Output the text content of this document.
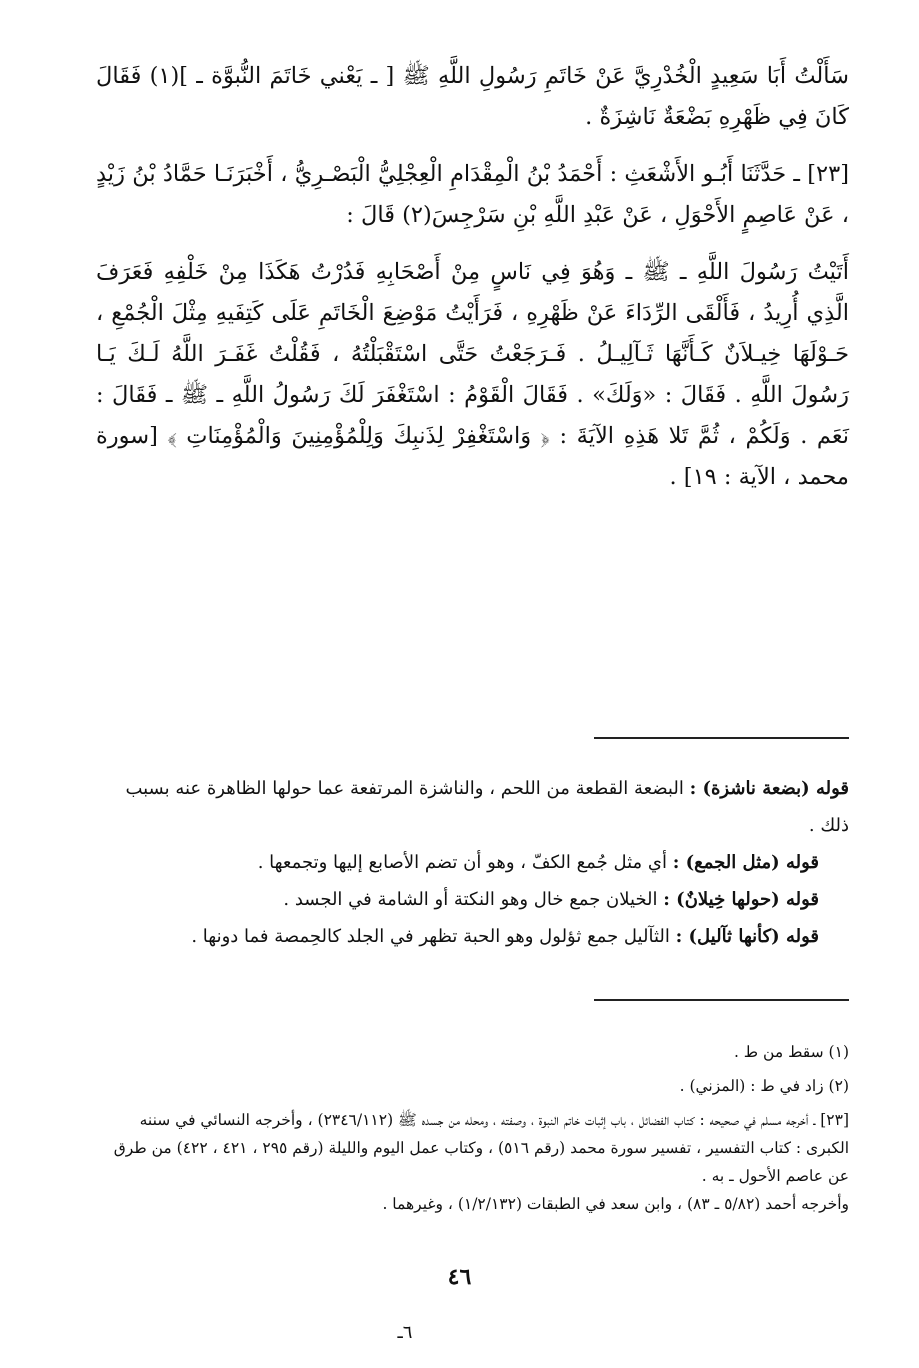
سَأَلْتُ أَبَا سَعِيدٍ الْخُدْرِيَّ عَنْ خَاتَمِ رَسُولِ اللَّهِ ﷺ [ ـ يَعْني خَاتَمَ النُّبوَّة ـ ](١) فَقَالَ كَانَ فِي ظَهْرِهِ بَضْعَةٌ نَاشِزَةٌ .

[٢٣] ـ حَدَّثَنَا أَبُـو الأَشْعَثِ : أَحْمَدُ بْنُ الْمِقْدَامِ الْعِجْلِيُّ الْبَصْـرِيُّ ، أَخْبَرَنَـا حَمَّادُ بْنُ زَيْدٍ ، عَنْ عَاصِمٍ الأَحْوَلِ ، عَنْ عَبْدِ اللَّهِ بْنِ سَرْجِسَ(٢) قَالَ :

أَتَيْتُ رَسُولَ اللَّهِ ـ ﷺ ـ وَهُوَ فِي نَاسٍ مِنْ أَصْحَابِهِ فَدُرْتُ هَكَذَا مِنْ خَلْفِهِ فَعَرَفَ الَّذِي أُرِيدُ ، فَأَلْقَى الرِّدَاءَ عَنْ ظَهْرِهِ ، فَرَأَيْتُ مَوْضِعَ الْخَاتَمِ عَلَى كَتِفَيهِ مِثْلَ الْجُمْعِ ، حَـوْلَهَا خِيـلاَنٌ كَـأَنَّهَا ثَـآلِيـلُ . فَـرَجَعْتُ حَتَّى اسْتَقْبَلْتُهُ ، فَقُلْتُ غَفَـرَ اللَّهُ لَـكَ يَـا رَسُولَ اللَّهِ . فَقَالَ : «وَلَكَ» . فَقَالَ الْقَوْمُ : اسْتَغْفَرَ لَكَ رَسُولُ اللَّهِ ـ ﷺ ـ فَقَالَ : نَعَم . وَلَكُمْ ، ثُمَّ تَلا هَذِهِ الآيَةَ : ﴿ وَاسْتَغْفِرْ لِذَنبِكَ وَلِلْمُؤْمِنِينَ وَالْمُؤْمِنَاتِ ﴾ [سورة محمد ، الآية : ١٩] .

قوله (بضعة ناشزة) : البضعة القطعة من اللحم ، والناشزة المرتفعة عما حولها الظاهرة عنه بسبب ذلك .

قوله (مثل الجمع) : أي مثل جُمع الكفّ ، وهو أن تضم الأصابع إليها وتجمعها .

قوله (حولها خِيلانٌ) : الخيلان جمع خال وهو النكتة أو الشامة في الجسد .

قوله (كأنها ثآليل) : الثآليل جمع ثؤلول وهو الحبة تظهر في الجلد كالحِمصة فما دونها .

(١) سقط من ط .

(٢) زاد في ط : (المزني) .

[٢٣] ـ أخرجه مسلم في صحيحه : كتاب الفضائل ، باب إثبات خاتم النبوة ، وصفته ، ومحله من جسده ﷺ (٢٣٤٦/١١٢) ، وأخرجه النسائي في سننه الكبرى : كتاب التفسير ، تفسير سورة محمد (رقم ٥١٦) ، وكتاب عمل اليوم والليلة (رقم ٢٩٥ ، ٤٢١ ، ٤٢٢) من طرق عن عاصم الأحول ـ به .

وأخرجه أحمد (٥/٨٢ ـ ٨٣) ، وابن سعد في الطبقات (١/٢/١٣٢) ، وغيرهما .

٤٦
٦ـ
